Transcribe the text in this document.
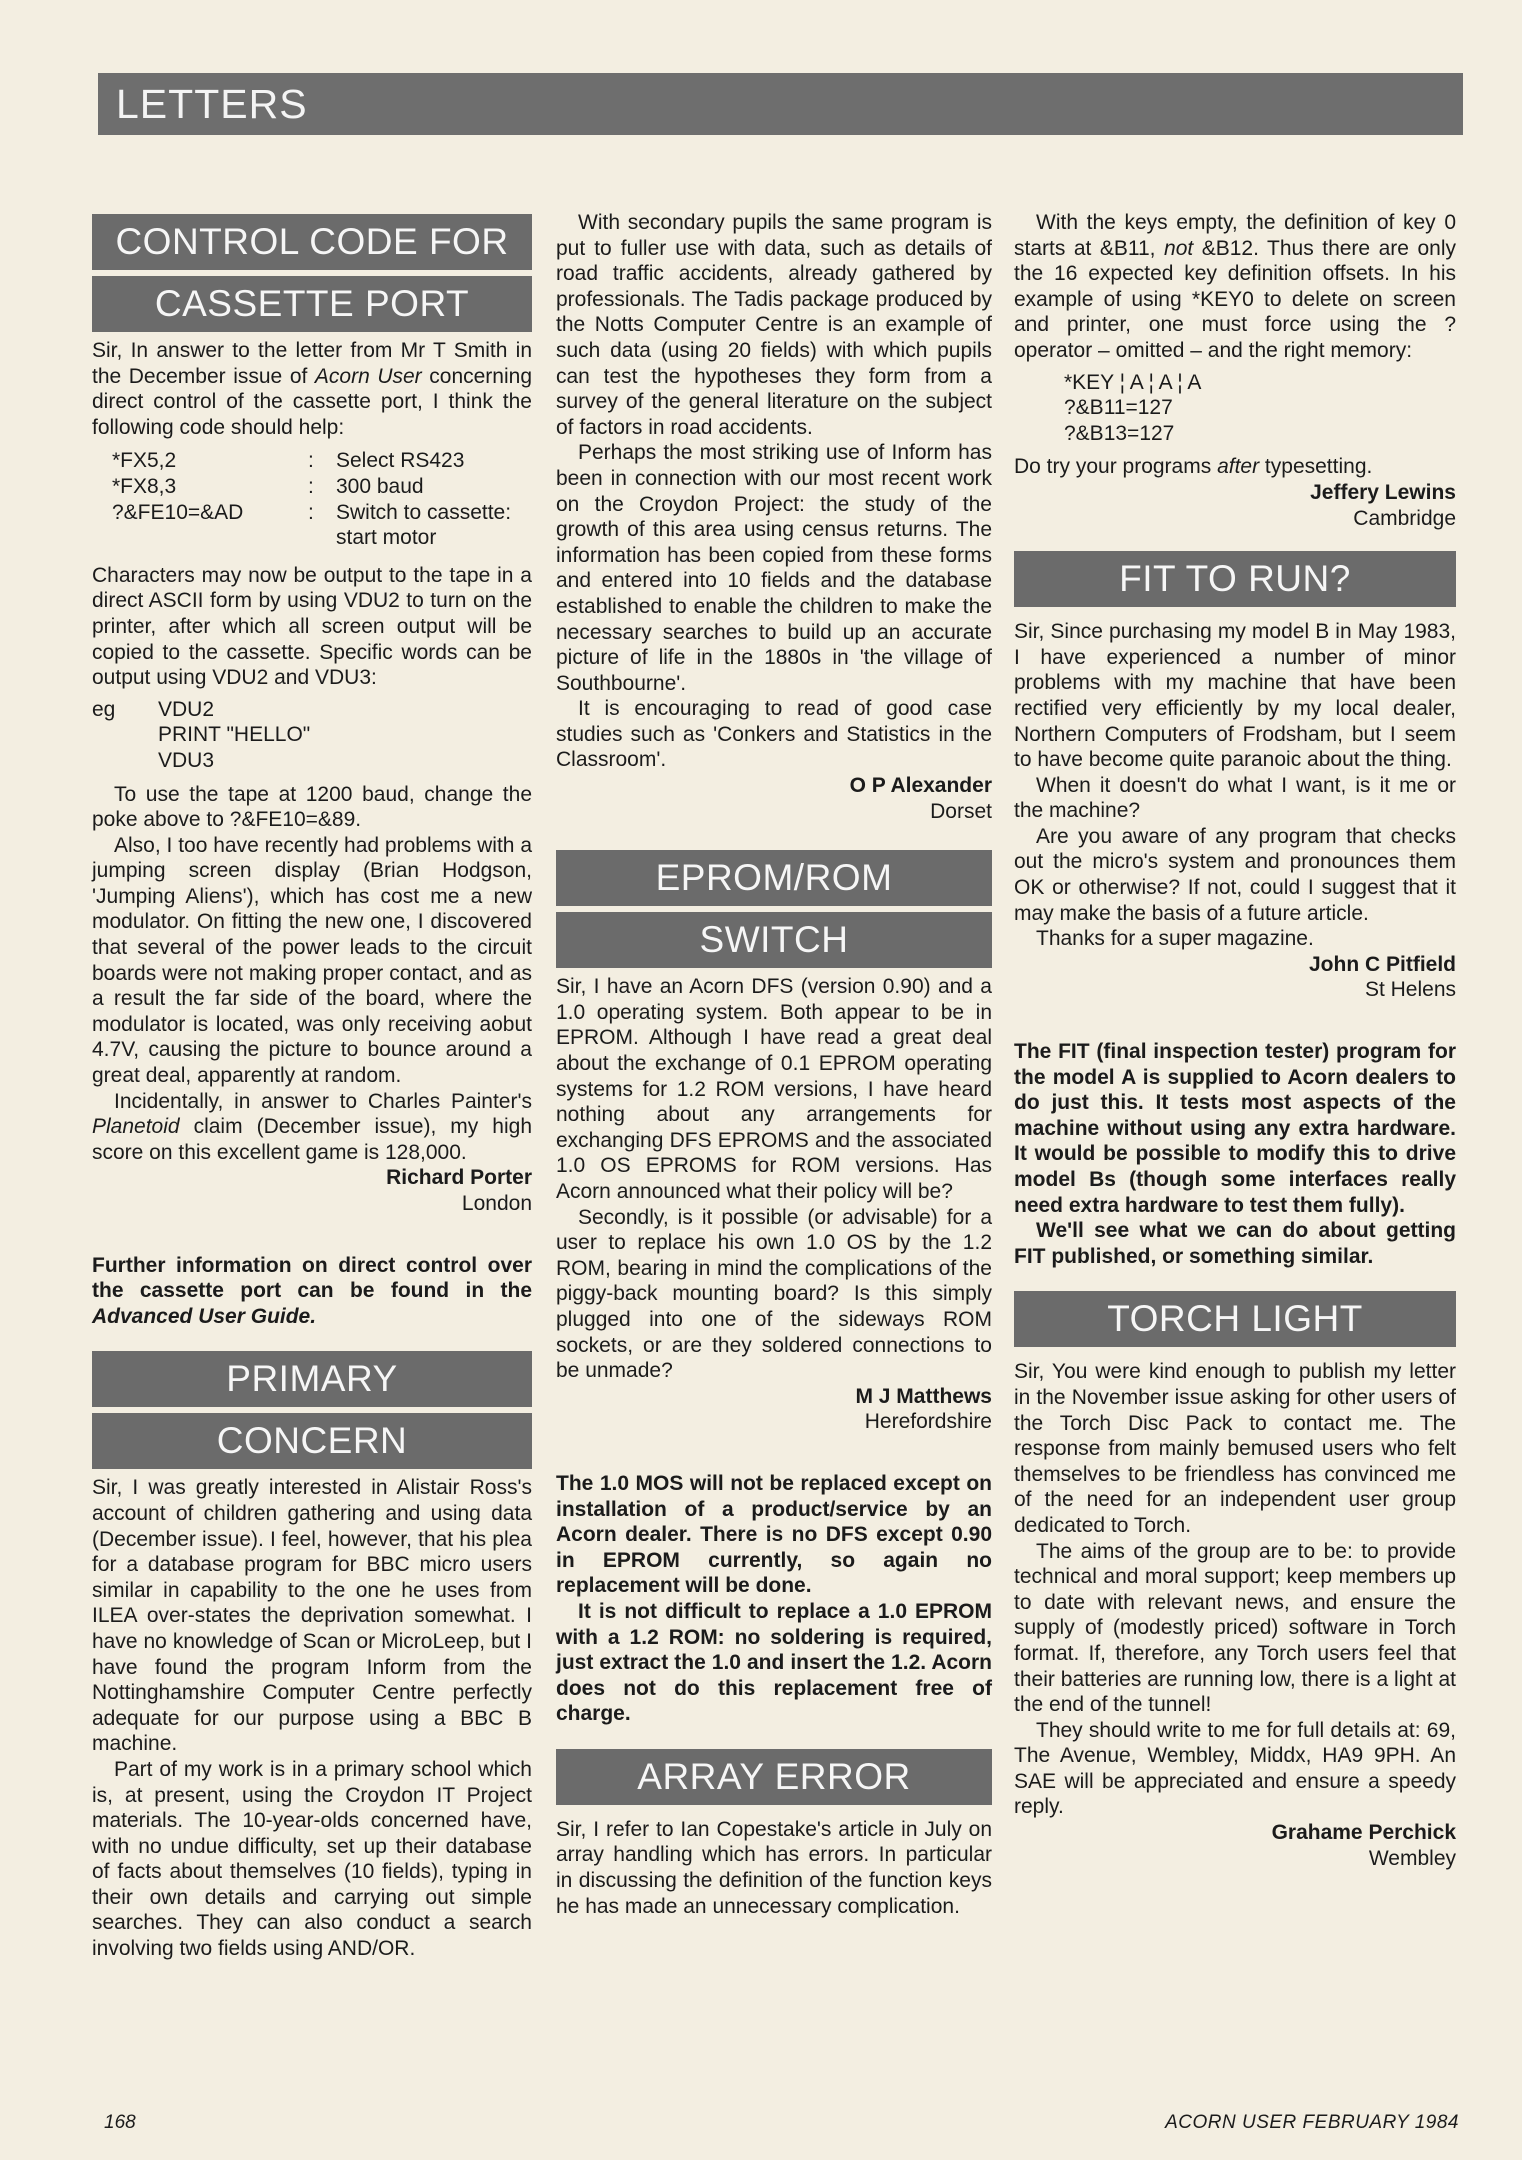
LETTERS
CONTROL CODE FOR
CASSETTE PORT

Sir, In answer to the letter from Mr T Smith in the December issue of Acorn User concerning direct control of the cassette port, I think the following code should help:

*FX5,2	:	Select RS423
*FX8,3	:	300 baud
?&FE10=&AD	:	Switch to cassette: start motor

Characters may now be output to the tape in a direct ASCII form by using VDU2 to turn on the printer, after which all screen output will be copied to the cassette. Specific words can be output using VDU2 and VDU3:

eg	VDU2
PRINT "HELLO"
VDU3

To use the tape at 1200 baud, change the poke above to ?&FE10=&89.

Also, I too have recently had problems with a jumping screen display (Brian Hodgson, 'Jumping Aliens'), which has cost me a new modulator. On fitting the new one, I discovered that several of the power leads to the circuit boards were not making proper contact, and as a result the far side of the board, where the modulator is located, was only receiving aobut 4.7V, causing the picture to bounce around a great deal, apparently at random.

Incidentally, in answer to Charles Painter's Planetoid claim (December issue), my high score on this excellent game is 128,000.

Richard Porter
London

Further information on direct control over the cassette port can be found in the Advanced User Guide.

PRIMARY
CONCERN

Sir, I was greatly interested in Alistair Ross's account of children gathering and using data (December issue). I feel, however, that his plea for a database program for BBC micro users similar in capability to the one he uses from ILEA over-states the deprivation somewhat. I have no knowledge of Scan or MicroLeep, but I have found the program Inform from the Nottinghamshire Computer Centre perfectly adequate for our purpose using a BBC B machine.

Part of my work is in a primary school which is, at present, using the Croydon IT Project materials. The 10-year-olds concerned have, with no undue difficulty, set up their database of facts about themselves (10 fields), typing in their own details and carrying out simple searches. They can also conduct a search involving two fields using AND/OR.

With secondary pupils the same program is put to fuller use with data, such as details of road traffic accidents, already gathered by professionals. The Tadis package produced by the Notts Computer Centre is an example of such data (using 20 fields) with which pupils can test the hypotheses they form from a survey of the general literature on the subject of factors in road accidents.

Perhaps the most striking use of Inform has been in connection with our most recent work on the Croydon Project: the study of the growth of this area using census returns. The information has been copied from these forms and entered into 10 fields and the database established to enable the children to make the necessary searches to build up an accurate picture of life in the 1880s in 'the village of Southbourne'.

It is encouraging to read of good case studies such as 'Conkers and Statistics in the Classroom'.

O P Alexander
Dorset
EPROM/ROM
SWITCH

Sir, I have an Acorn DFS (version 0.90) and a 1.0 operating system. Both appear to be in EPROM. Although I have read a great deal about the exchange of 0.1 EPROM operating systems for 1.2 ROM versions, I have heard nothing about any arrangements for exchanging DFS EPROMS and the associated 1.0 OS EPROMS for ROM versions. Has Acorn announced what their policy will be?

Secondly, is it possible (or advisable) for a user to replace his own 1.0 OS by the 1.2 ROM, bearing in mind the complications of the piggy-back mounting board? Is this simply plugged into one of the sideways ROM sockets, or are they soldered connections to be unmade?

M J Matthews
Herefordshire

The 1.0 MOS will not be replaced except on installation of a product/service by an Acorn dealer. There is no DFS except 0.90 in EPROM currently, so again no replacement will be done.

It is not difficult to replace a 1.0 EPROM with a 1.2 ROM: no soldering is required, just extract the 1.0 and insert the 1.2. Acorn does not do this replacement free of charge.

ARRAY ERROR

Sir, I refer to Ian Copestake's article in July on array handling which has errors. In particular in discussing the definition of the function keys he has made an unnecessary complication.

With the keys empty, the definition of key 0 starts at &B11, not &B12. Thus there are only the 16 expected key definition offsets. In his example of using *KEY0 to delete on screen and printer, one must force using the ? operator – omitted – and the right memory:

*KEY ¦ A ¦ A ¦ A
?&B11=127
?&B13=127

Do try your programs after typesetting.

Jeffery Lewins
Cambridge
FIT TO RUN?

Sir, Since purchasing my model B in May 1983, I have experienced a number of minor problems with my machine that have been rectified very efficiently by my local dealer, Northern Computers of Frodsham, but I seem to have become quite paranoic about the thing.

When it doesn't do what I want, is it me or the machine?

Are you aware of any program that checks out the micro's system and pronounces them OK or otherwise? If not, could I suggest that it may make the basis of a future article.

Thanks for a super magazine.

John C Pitfield
St Helens

The FIT (final inspection tester) program for the model A is supplied to Acorn dealers to do just this. It tests most aspects of the machine without using any extra hardware. It would be possible to modify this to drive model Bs (though some interfaces really need extra hardware to test them fully).

We'll see what we can do about getting FIT published, or something similar.

TORCH LIGHT

Sir, You were kind enough to publish my letter in the November issue asking for other users of the Torch Disc Pack to contact me. The response from mainly bemused users who felt themselves to be friendless has convinced me of the need for an independent user group dedicated to Torch.

The aims of the group are to be: to provide technical and moral support; keep members up to date with relevant news, and ensure the supply of (modestly priced) software in Torch format. If, therefore, any Torch users feel that their batteries are running low, there is a light at the end of the tunnel!

They should write to me for full details at: 69, The Avenue, Wembley, Middx, HA9 9PH. An SAE will be appreciated and ensure a speedy reply.

Grahame Perchick
Wembley
168	ACORN USER FEBRUARY 1984
